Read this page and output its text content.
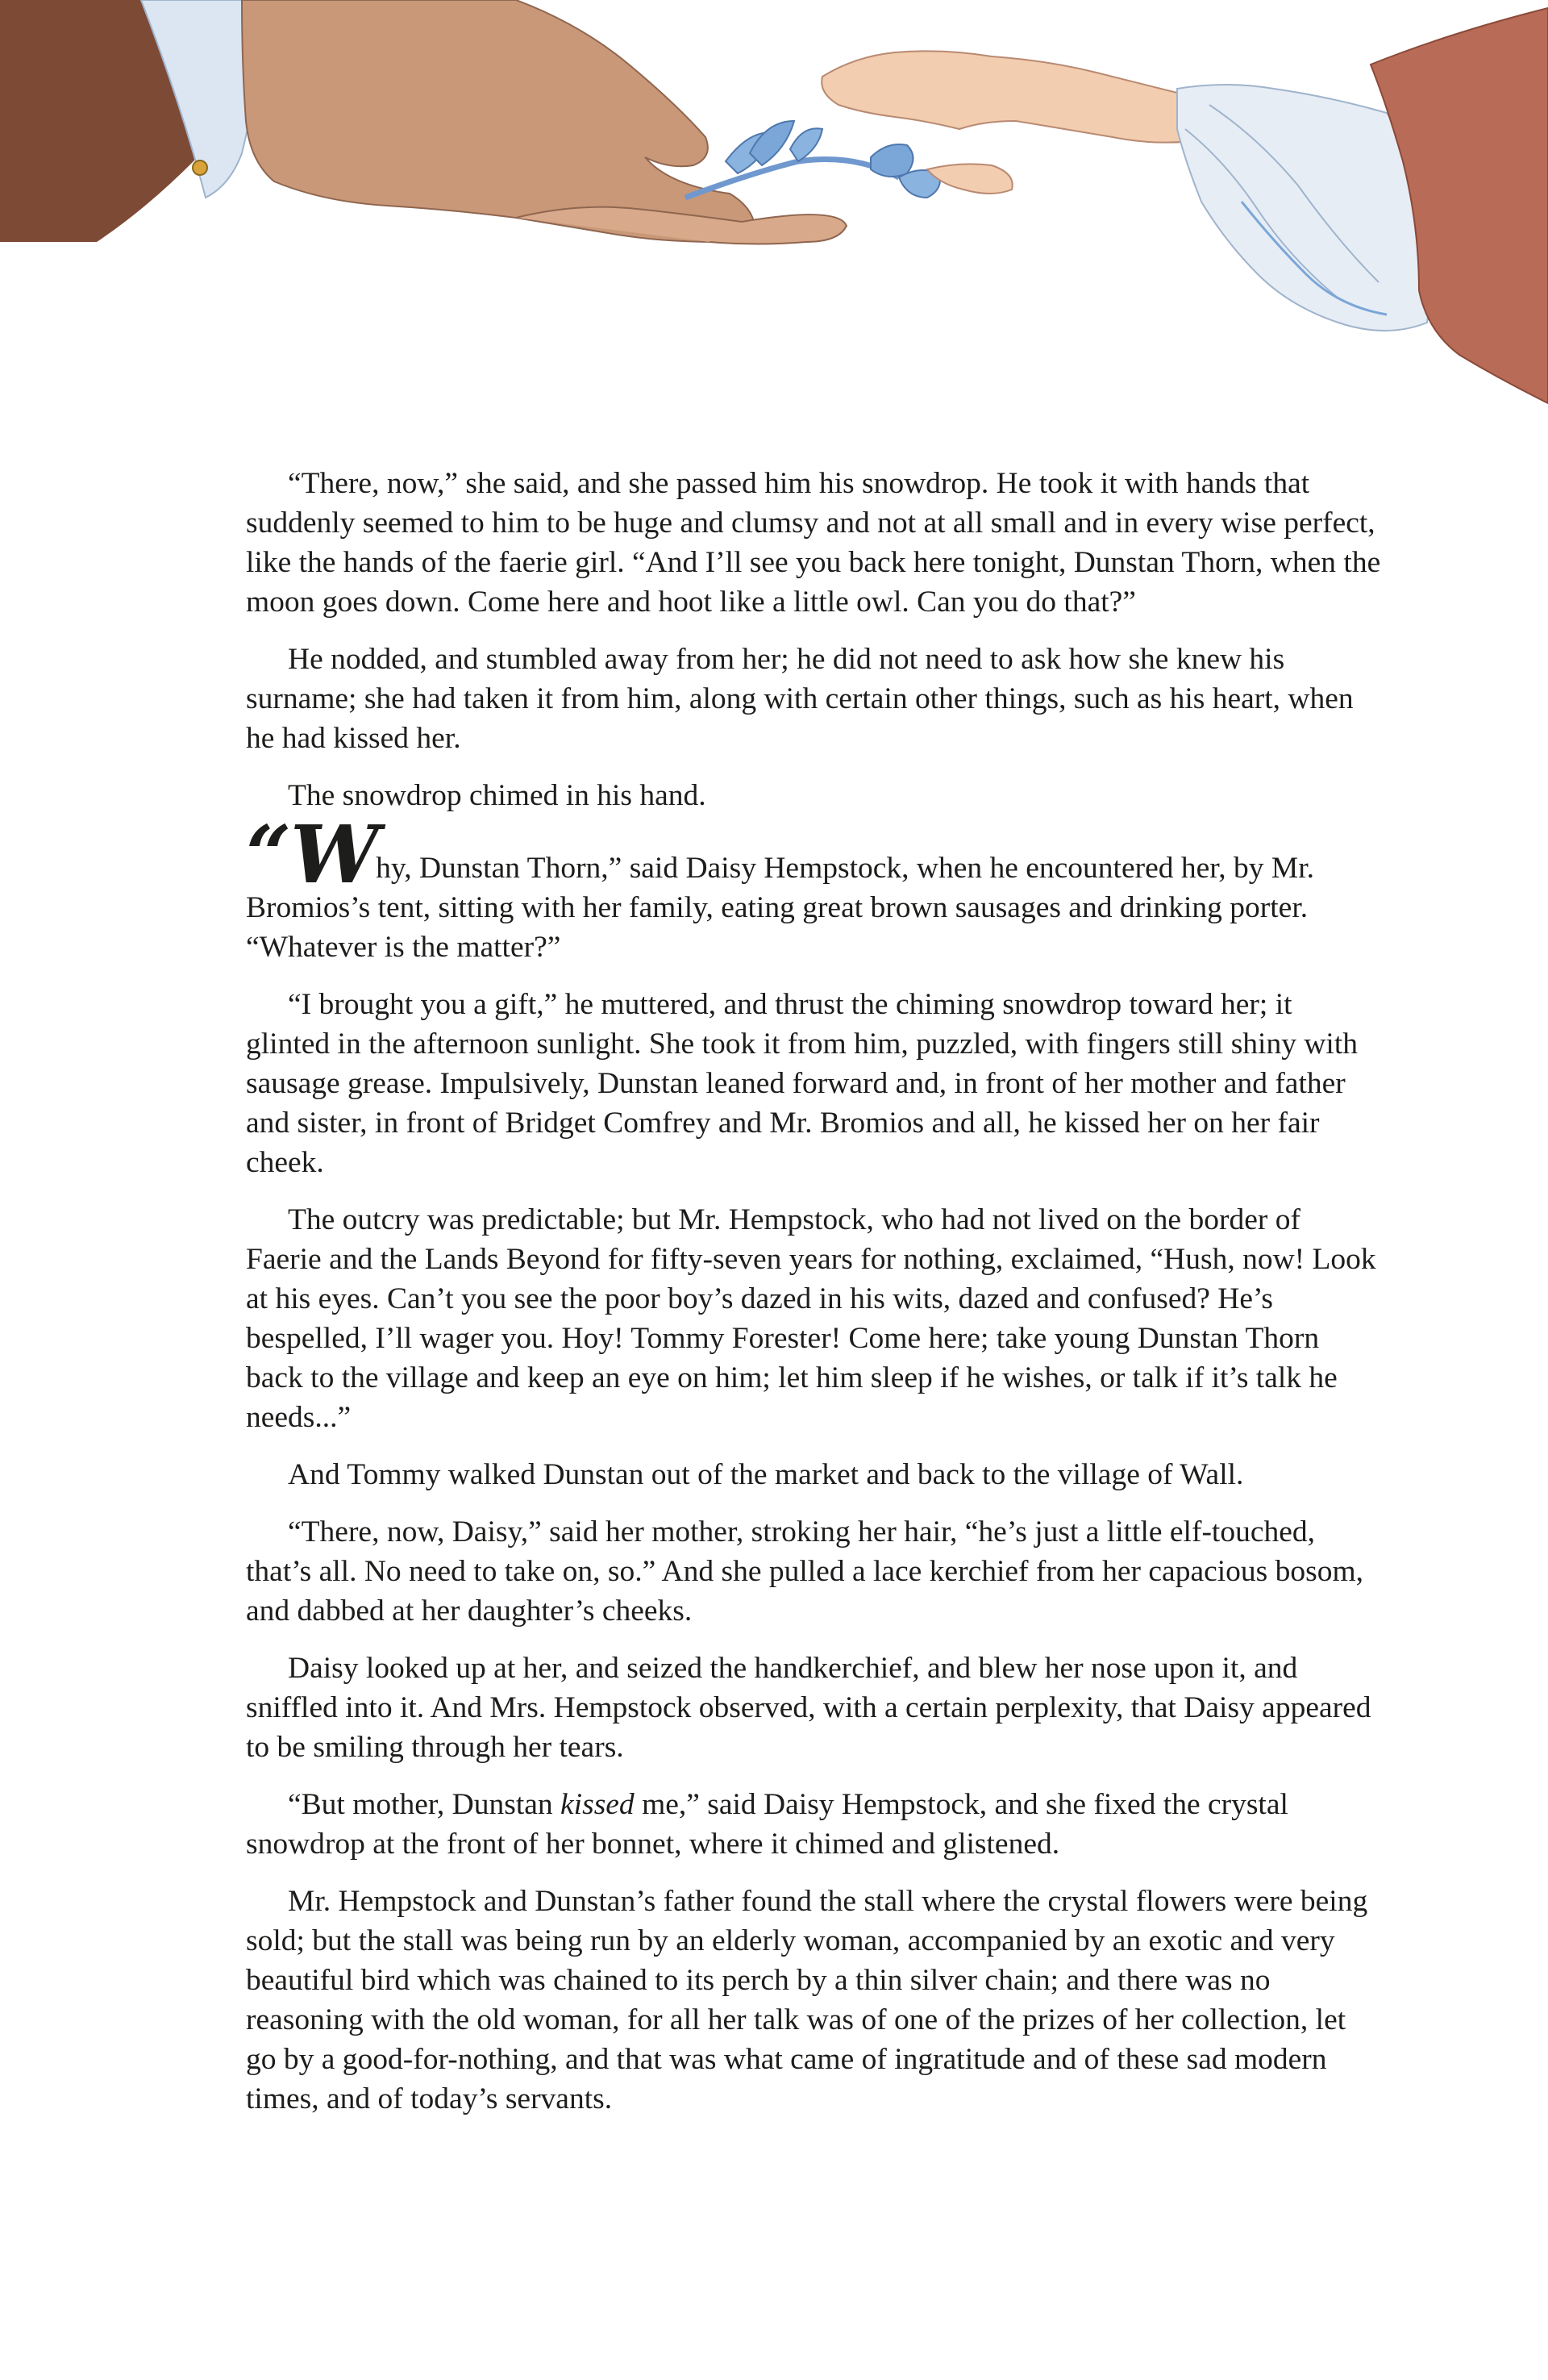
“There, now,” she said, and she passed him his snowdrop. He took it with hands that suddenly seemed to him to be huge and clumsy and not at all small and in every wise perfect, like the hands of the faerie girl. “And I’ll see you back here tonight, Dunstan Thorn, when the moon goes down. Come here and hoot like a little owl. Can you do that?”

He nodded, and stumbled away from her; he did not need to ask how she knew his surname; she had taken it from him, along with certain other things, such as his heart, when he had kissed her.

The snowdrop chimed in his hand.

“Why, Dunstan Thorn,” said Daisy Hempstock, when he encountered her, by Mr. Bromios’s tent, sitting with her family, eating great brown sausages and drinking porter. “Whatever is the matter?”

“I brought you a gift,” he muttered, and thrust the chiming snowdrop toward her; it glinted in the afternoon sunlight. She took it from him, puzzled, with fingers still shiny with sausage grease. Impulsively, Dunstan leaned forward and, in front of her mother and father and sister, in front of Bridget Comfrey and Mr. Bromios and all, he kissed her on her fair cheek.

The outcry was predictable; but Mr. Hempstock, who had not lived on the border of Faerie and the Lands Beyond for fifty-seven years for nothing, exclaimed, “Hush, now! Look at his eyes. Can’t you see the poor boy’s dazed in his wits, dazed and confused? He’s bespelled, I’ll wager you. Hoy! Tommy Forester! Come here; take young Dunstan Thorn back to the village and keep an eye on him; let him sleep if he wishes, or talk if it’s talk he needs...”

And Tommy walked Dunstan out of the market and back to the village of Wall.

“There, now, Daisy,” said her mother, stroking her hair, “he’s just a little elf-touched, that’s all. No need to take on, so.” And she pulled a lace kerchief from her capacious bosom, and dabbed at her daughter’s cheeks.

Daisy looked up at her, and seized the handkerchief, and blew her nose upon it, and sniffled into it. And Mrs. Hempstock observed, with a certain perplexity, that Daisy appeared to be smiling through her tears.

“But mother, Dunstan kissed me,” said Daisy Hempstock, and she fixed the crystal snowdrop at the front of her bonnet, where it chimed and glistened.

Mr. Hempstock and Dunstan’s father found the stall where the crystal flowers were being sold; but the stall was being run by an elderly woman, accompanied by an exotic and very beautiful bird which was chained to its perch by a thin silver chain; and there was no reasoning with the old woman, for all her talk was of one of the prizes of her collection, let go by a good-for-nothing, and that was what came of ingratitude and of these sad modern times, and of today’s servants.
